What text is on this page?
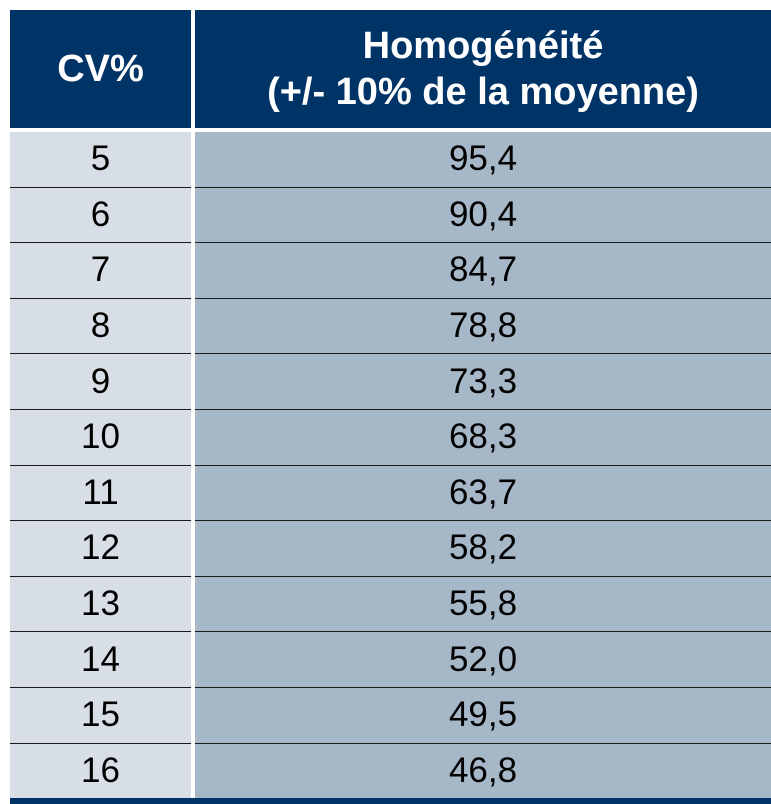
CV%	Homogénéité
(+/- 10% de la moyenne)

5	95,4
6	90,4
7	84,7
8	78,8
9	73,3
10	68,3
11	63,7
12	58,2
13	55,8
14	52,0
15	49,5
16	46,8
